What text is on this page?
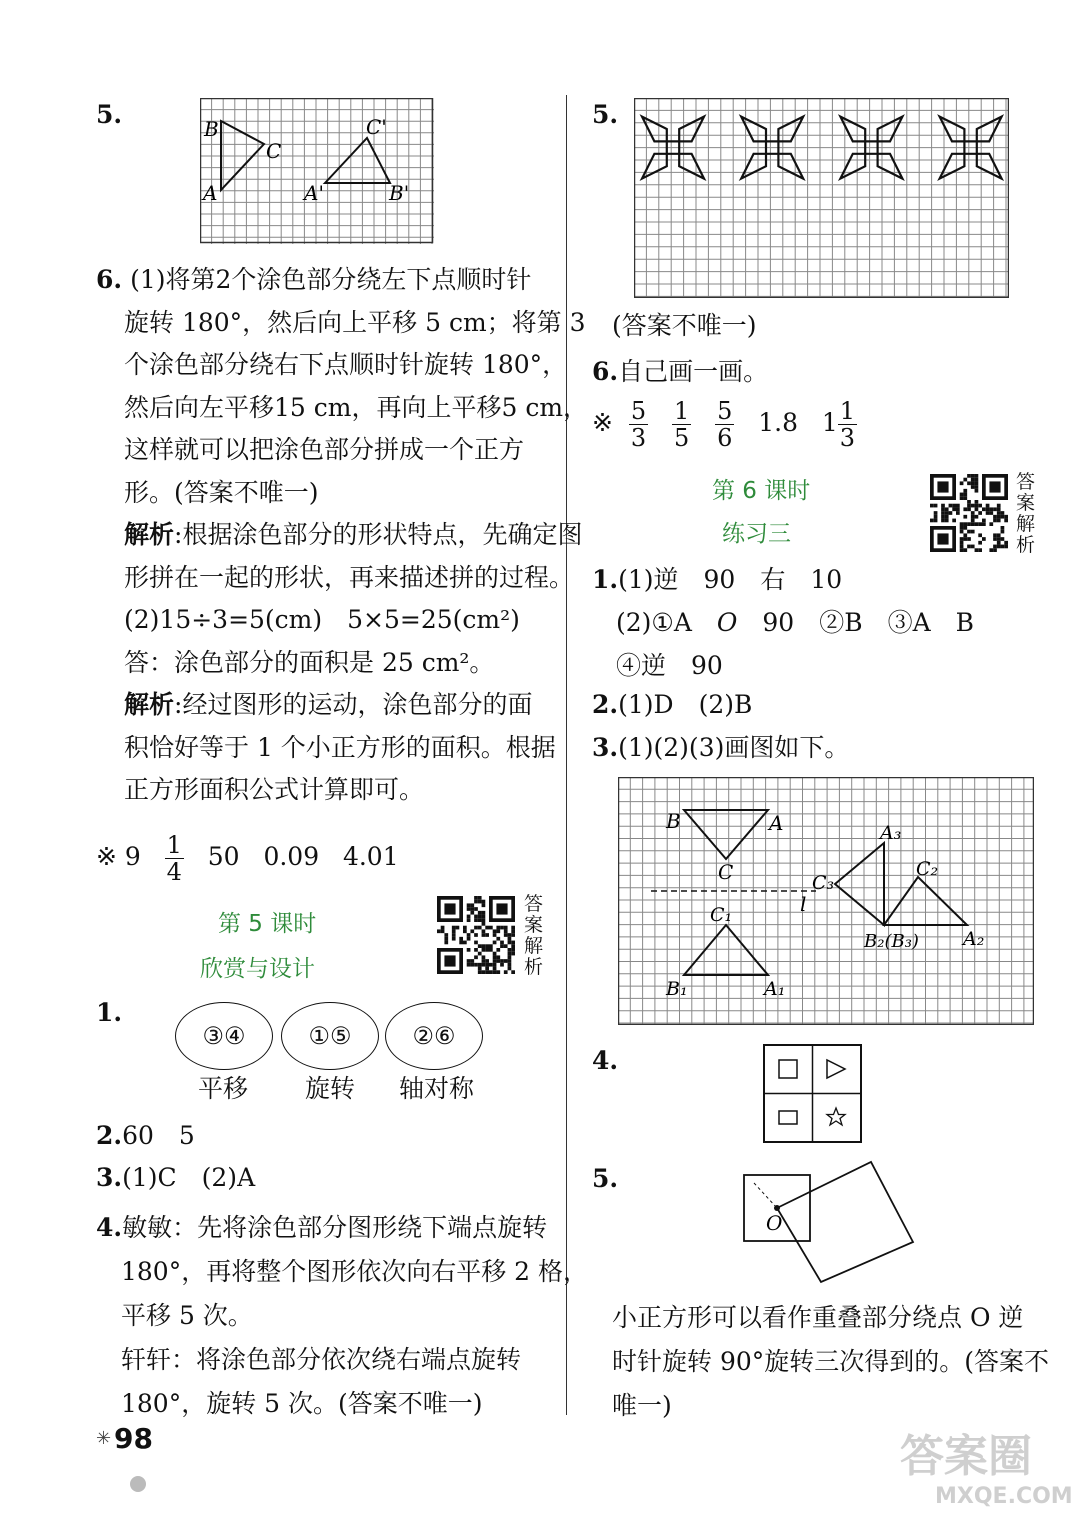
5.	B
C
A
C'
A'	B'
6. (1)将第2个涂色部分绕左下点顺时针
旋转 180°，然后向上平移 5 cm；将第 3
个涂色部分绕右下点顺时针旋转 180°，
然后向左平移15 cm，再向上平移5 cm，
这样就可以把涂色部分拼成一个正方
形。(答案不唯一)
解析:根据涂色部分的形状特点，先确定图
形拼在一起的形状，再来描述拼的过程。
(2)15÷3=5(cm)　5×5=25(cm²)
答：涂色部分的面积是 25 cm²。
解析:经过图形的运动，涂色部分的面
积恰好等于 1 个小正方形的面积。根据
正方形面积公式计算即可。
※ $9 \frac{1}{4} 50$ 0.09 4.01
第 5 课时
欣赏与设计
答案解析
1.
③④	①⑤	②⑥
平移 旋转 轴对称
2.60　5
3.(1)C　(2)A
4.敏敏：先将涂色部分图形绕下端点旋转
180°，再将整个图形依次向右平移 2 格，
平移 5 次。
轩轩：将涂色部分依次绕右端点旋转
180°，旋转 5 次。(答案不唯一)
✳ 98
5.
(答案不唯一)
6.自己画一画。
※ $\frac{5}{3}$
$\frac{1}{5}$
$\frac{5}{6} 1.8$ $1 \frac{1}{3}$
第 6 课时
练习三
答案解析
1.(1)逆　90　右　10
(2)①A　O　90　②B　③A　B
④逆　90
2.(1)D　(2)B
3.(1)(2)(3)画图如下。
B	A
C
A₃
C₂
C₃
l
C₁
B₂(B₃) A₂
B₁	A₁
4.
5.
O
小正方形可以看作重叠部分绕点 O 逆
时针旋转 90°旋转三次得到的。(答案不
唯一)
答案圈
MXQE.COM
